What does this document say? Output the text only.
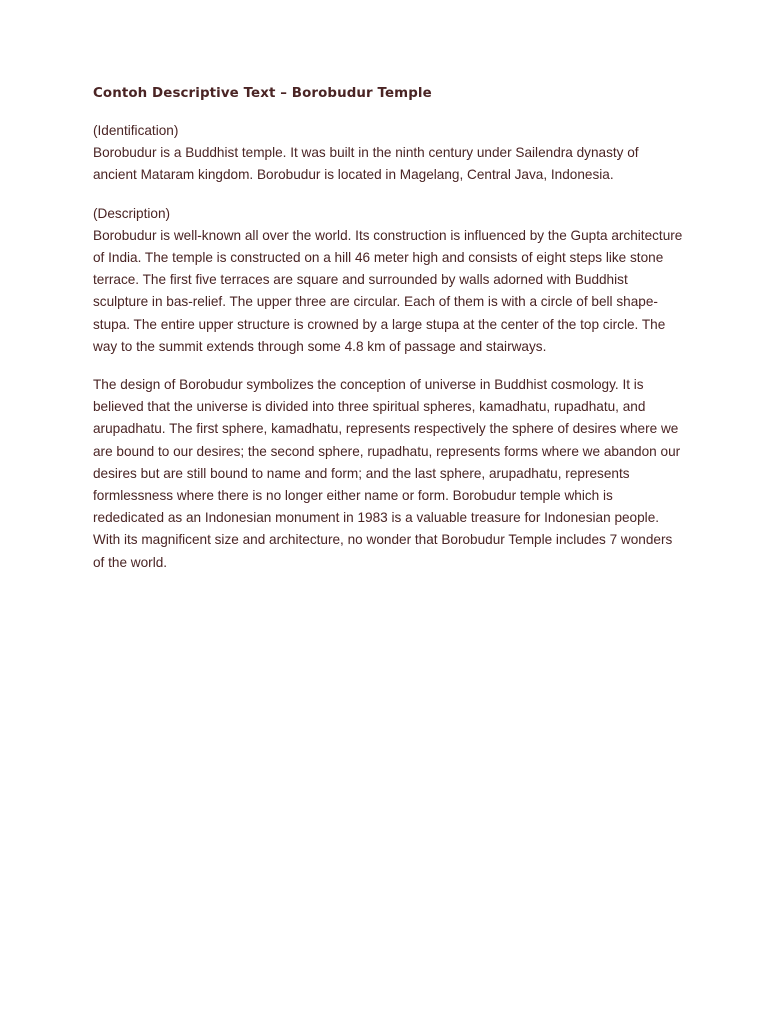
Contoh Descriptive Text – Borobudur Temple

(Identification)

Borobudur is a Buddhist temple. It was built in the ninth century under Sailendra dynasty of ancient Mataram kingdom. Borobudur is located in Magelang, Central Java, Indonesia.

(Description)

Borobudur is well-known all over the world. Its construction is influenced by the Gupta architecture of India. The temple is constructed on a hill 46 meter high and consists of eight steps like stone terrace. The first five terraces are square and surrounded by walls adorned with Buddhist sculpture in bas-relief. The upper three are circular. Each of them is with a circle of bell shape-stupa. The entire upper structure is crowned by a large stupa at the center of the top circle. The way to the summit extends through some 4.8 km of passage and stairways.

The design of Borobudur symbolizes the conception of universe in Buddhist cosmology. It is believed that the universe is divided into three spiritual spheres, kamadhatu, rupadhatu, and arupadhatu. The first sphere, kamadhatu, represents respectively the sphere of desires where we are bound to our desires; the second sphere, rupadhatu, represents forms where we abandon our desires but are still bound to name and form; and the last sphere, arupadhatu, represents formlessness where there is no longer either name or form. Borobudur temple which is rededicated as an Indonesian monument in 1983 is a valuable treasure for Indonesian people. With its magnificent size and architecture, no wonder that Borobudur Temple includes 7 wonders of the world.
